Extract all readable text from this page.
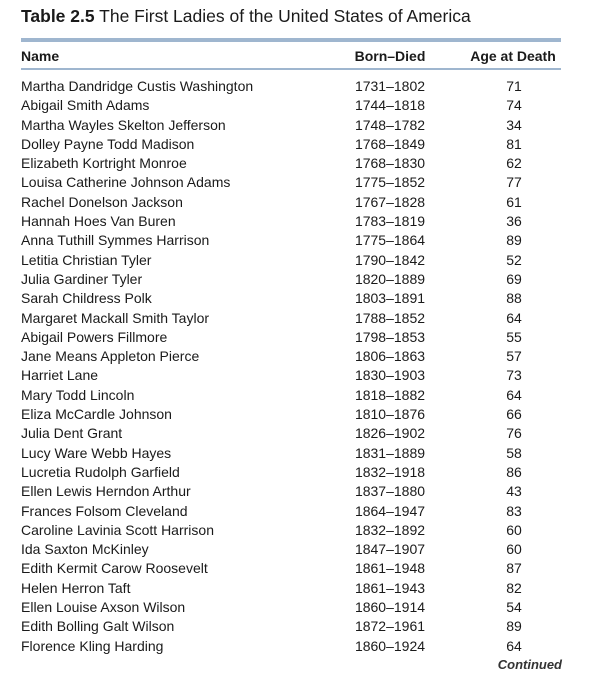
Table 2.5 The First Ladies of the United States of America
Name	Born–Died	Age at Death
Martha Dandridge Custis Washington	1731–1802	71
Abigail Smith Adams	1744–1818	74
Martha Wayles Skelton Jefferson	1748–1782	34
Dolley Payne Todd Madison	1768–1849	81
Elizabeth Kortright Monroe	1768–1830	62
Louisa Catherine Johnson Adams	1775–1852	77
Rachel Donelson Jackson	1767–1828	61
Hannah Hoes Van Buren	1783–1819	36
Anna Tuthill Symmes Harrison	1775–1864	89
Letitia Christian Tyler	1790–1842	52
Julia Gardiner Tyler	1820–1889	69
Sarah Childress Polk	1803–1891	88
Margaret Mackall Smith Taylor	1788–1852	64
Abigail Powers Fillmore	1798–1853	55
Jane Means Appleton Pierce	1806–1863	57
Harriet Lane	1830–1903	73
Mary Todd Lincoln	1818–1882	64
Eliza McCardle Johnson	1810–1876	66
Julia Dent Grant	1826–1902	76
Lucy Ware Webb Hayes	1831–1889	58
Lucretia Rudolph Garfield	1832–1918	86
Ellen Lewis Herndon Arthur	1837–1880	43
Frances Folsom Cleveland	1864–1947	83
Caroline Lavinia Scott Harrison	1832–1892	60
Ida Saxton McKinley	1847–1907	60
Edith Kermit Carow Roosevelt	1861–1948	87
Helen Herron Taft	1861–1943	82
Ellen Louise Axson Wilson	1860–1914	54
Edith Bolling Galt Wilson	1872–1961	89
Florence Kling Harding	1860–1924	64
Continued
